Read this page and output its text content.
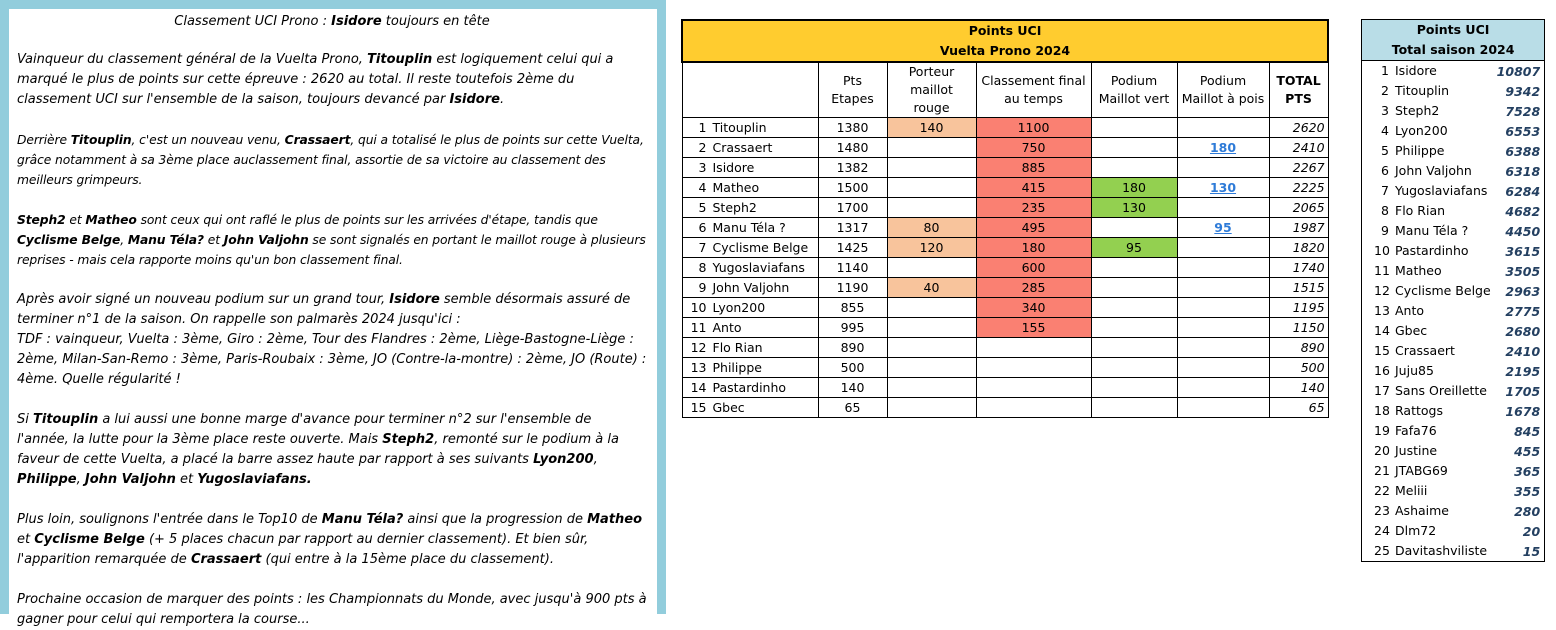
Classement UCI Prono : Isidore toujours en tête

Vainqueur du classement général de la Vuelta Prono, Titouplin est logiquement celui qui a marqué le plus de points sur cette épreuve : 2620 au total. Il reste toutefois 2ème du classement UCI sur l'ensemble de la saison, toujours devancé par Isidore.

Derrière Titouplin, c'est un nouveau venu, Crassaert, qui a totalisé le plus de points sur cette Vuelta, grâce notamment à sa 3ème place auclassement final, assortie de sa victoire au classement des meilleurs grimpeurs.

Steph2 et Matheo sont ceux qui ont raflé le plus de points sur les arrivées d'étape, tandis que Cyclisme Belge, Manu Téla? et John Valjohn se sont signalés en portant le maillot rouge à plusieurs reprises - mais cela rapporte moins qu'un bon classement final.

Après avoir signé un nouveau podium sur un grand tour, Isidore semble désormais assuré de terminer n°1 de la saison. On rappelle son palmarès 2024 jusqu'ici :
TDF : vainqueur, Vuelta : 3ème, Giro : 2ème, Tour des Flandres : 2ème, Liège-Bastogne-Liège : 2ème, Milan-San-Remo : 3ème, Paris-Roubaix : 3ème, JO (Contre-la-montre) : 2ème, JO (Route) : 4ème. Quelle régularité !

Si Titouplin a lui aussi une bonne marge d'avance pour terminer n°2 sur l'ensemble de l'année, la lutte pour la 3ème place reste ouverte. Mais Steph2, remonté sur le podium à la faveur de cette Vuelta, a placé la barre assez haute par rapport à ses suivants Lyon200, Philippe, John Valjohn et Yugoslaviafans.

Plus loin, soulignons l'entrée dans le Top10 de Manu Téla? ainsi que la progression de Matheo et Cyclisme Belge (+ 5 places chacun par rapport au dernier classement). Et bien sûr, l'apparition remarquée de Crassaert (qui entre à la 15ème place du classement).

Prochaine occasion de marquer des points : les Championnats du Monde, avec jusqu'à 900 pts à gagner pour celui qui remportera la course...

Points UCI
Vuelta Prono 2024						
	Pts Etapes	Porteur maillot rouge	Classement final au temps	Podium Maillot vert	Podium Maillot à pois	TOTAL PTS
1 Titouplin	1380	140	1100			2620
2 Crassaert	1480		750		180	2410
3 Isidore	1382		885			2267
4 Matheo	1500		415	180	130	2225
5 Steph2	1700		235	130		2065
6 Manu Téla ?	1317	80	495		95	1987
7 Cyclisme Belge	1425	120	180	95		1820
8 Yugoslaviafans	1140		600			1740
9 John Valjohn	1190	40	285			1515
10 Lyon200	855		340			1195
11 Anto	995		155			1150
12 Flo Rian	890					890
13 Philippe	500					500
14 Pastardinho	140					140
15 Gbec	65					65
Points UCI
Total saison 2024	
1 Isidore	10807
2 Titouplin	9342
3 Steph2	7528
4 Lyon200	6553
5 Philippe	6388
6 John Valjohn	6318
7 Yugoslaviafans	6284
8 Flo Rian	4682
9 Manu Téla ?	4450
10 Pastardinho	3615
11 Matheo	3505
12 Cyclisme Belge	2963
13 Anto	2775
14 Gbec	2680
15 Crassaert	2410
16 Juju85	2195
17 Sans Oreillette	1705
18 Rattogs	1678
19 Fafa76	845
20 Justine	455
21 JTABG69	365
22 Meliii	355
23 Ashaime	280
24 Dlm72	20
25 Davitashviliste	15
